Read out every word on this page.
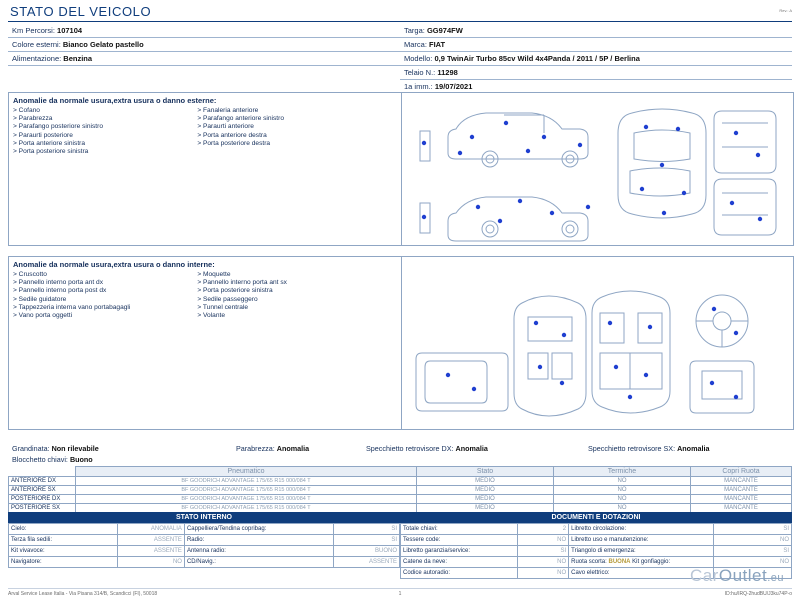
STATO DEL VEICOLO	Rev.: A
Km Percorsi: 107104
Colore esterni: Bianco Gelato pastello
Alimentazione: Benzina
Targa: GG974FW
Marca: FIAT
Modello: 0,9 TwinAir Turbo 85cv Wild 4x4Panda / 2011 / 5P / Berlina
Telaio N.: 11298
1a imm.: 19/07/2021
Anomalie da normale usura,extra usura o danno esterne:
> Cofano
> Parabrezza
> Parafango posteriore sinistro
> Paraurti posteriore
> Porta anteriore sinistra
> Porta posteriore sinistra
> Fanaleria anteriore
> Parafango anteriore sinistro
> Paraurti anteriore
> Porta anteriore destra
> Porta posteriore destra
Anomalie da normale usura,extra usura o danno interne:
> Cruscotto
> Pannello interno porta ant dx
> Pannello interno porta post dx
> Sedile guidatore
> Tappezzeria interna vano portabagagli
> Vano porta oggetti
> Moquette
> Pannello interno porta ant sx
> Porta posteriore sinistra
> Sedile passeggero
> Tunnel centrale
> Volante
Grandinata: Non rilevabile	Parabrezza: Anomalia	Specchietto retrovisore DX: Anomalia	Specchietto retrovisore SX: Anomalia
Blocchetto chiavi: Buono
	Pneumatico	Stato	Termiche	Copri Ruota
ANTERIORE DX	BF GOODRICH ADVANTAGE 175/65 R15 000/084 T	MEDIO	NO	MANCANTE
ANTERIORE SX	BF GOODRICH ADVANTAGE 175/65 R15 000/084 T	MEDIO	NO	MANCANTE
POSTERIORE DX	BF GOODRICH ADVANTAGE 175/65 R15 000/084 T	MEDIO	NO	MANCANTE
POSTERIORE SX	BF GOODRICH ADVANTAGE 175/65 R15 000/084 T	MEDIO	NO	MANCANTE
STATO INTERNO
Cielo:	ANOMALIA	Cappelliera/Tendina copribag:	SI
Terza fila sedili:	ASSENTE	Radio:	SI
Kit vivavoce:	ASSENTE	Antenna radio:	BUONO
Navigatore:	NO	CD/Navig.:	ASSENTE
DOCUMENTI E DOTAZIONI
Totale chiavi:	2	Libretto circolazione:	SI
Tessere code:	NO	Libretto uso e manutenzione:	NO
Libretto garanzia/service:	SI	Triangolo di emergenza:	SI
Catene da neve:	NO	Ruota scorta: BUONA Kit gonfiaggio:	NO
Codice autoradio:	NO	Cavo elettrico:		CarOutlet.eu
Arval Service Lease Italia - Via Pisana 314/B, Scandicci (FI), 50018	1	ID:hu/IRQ-2hudBU/J3ku74P-o
